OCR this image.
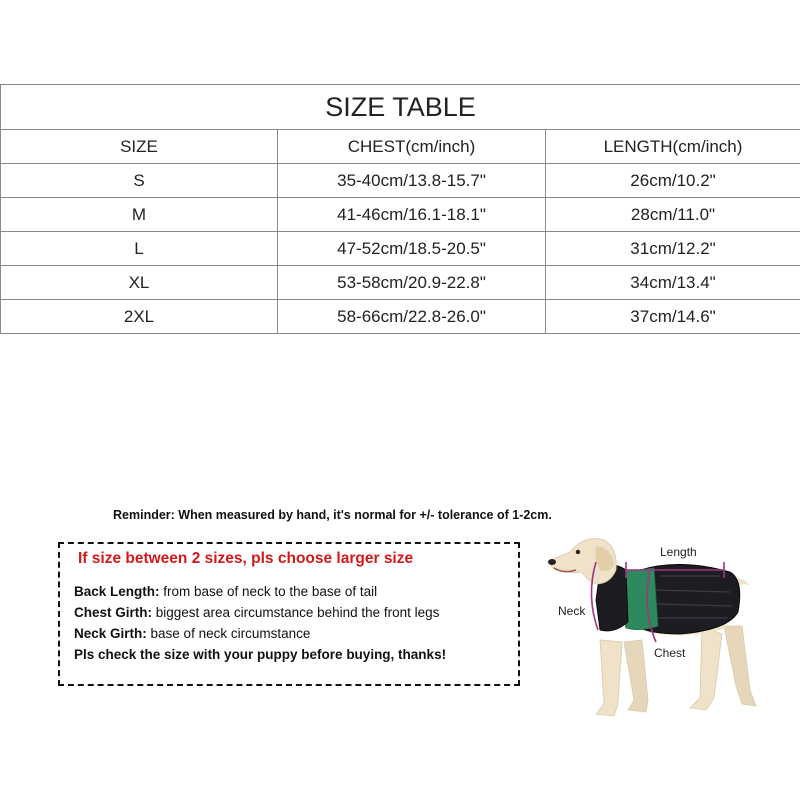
SIZE TABLE		
SIZE	CHEST(cm/inch)	LENGTH(cm/inch)
S	35-40cm/13.8-15.7"	26cm/10.2"
M	41-46cm/16.1-18.1"	28cm/11.0"
L	47-52cm/18.5-20.5"	31cm/12.2"
XL	53-58cm/20.9-22.8"	34cm/13.4"
2XL	58-66cm/22.8-26.0"	37cm/14.6"
Reminder: When measured by hand, it's normal for +/- tolerance of 1-2cm.
If size between 2 sizes, pls choose larger size
Back Length: from base of neck to the base of tail
Chest Girth: biggest area circumstance behind the front legs
Neck Girth: base of neck circumstance
Pls check the size with your puppy before buying, thanks!
Length
Neck
Chest
